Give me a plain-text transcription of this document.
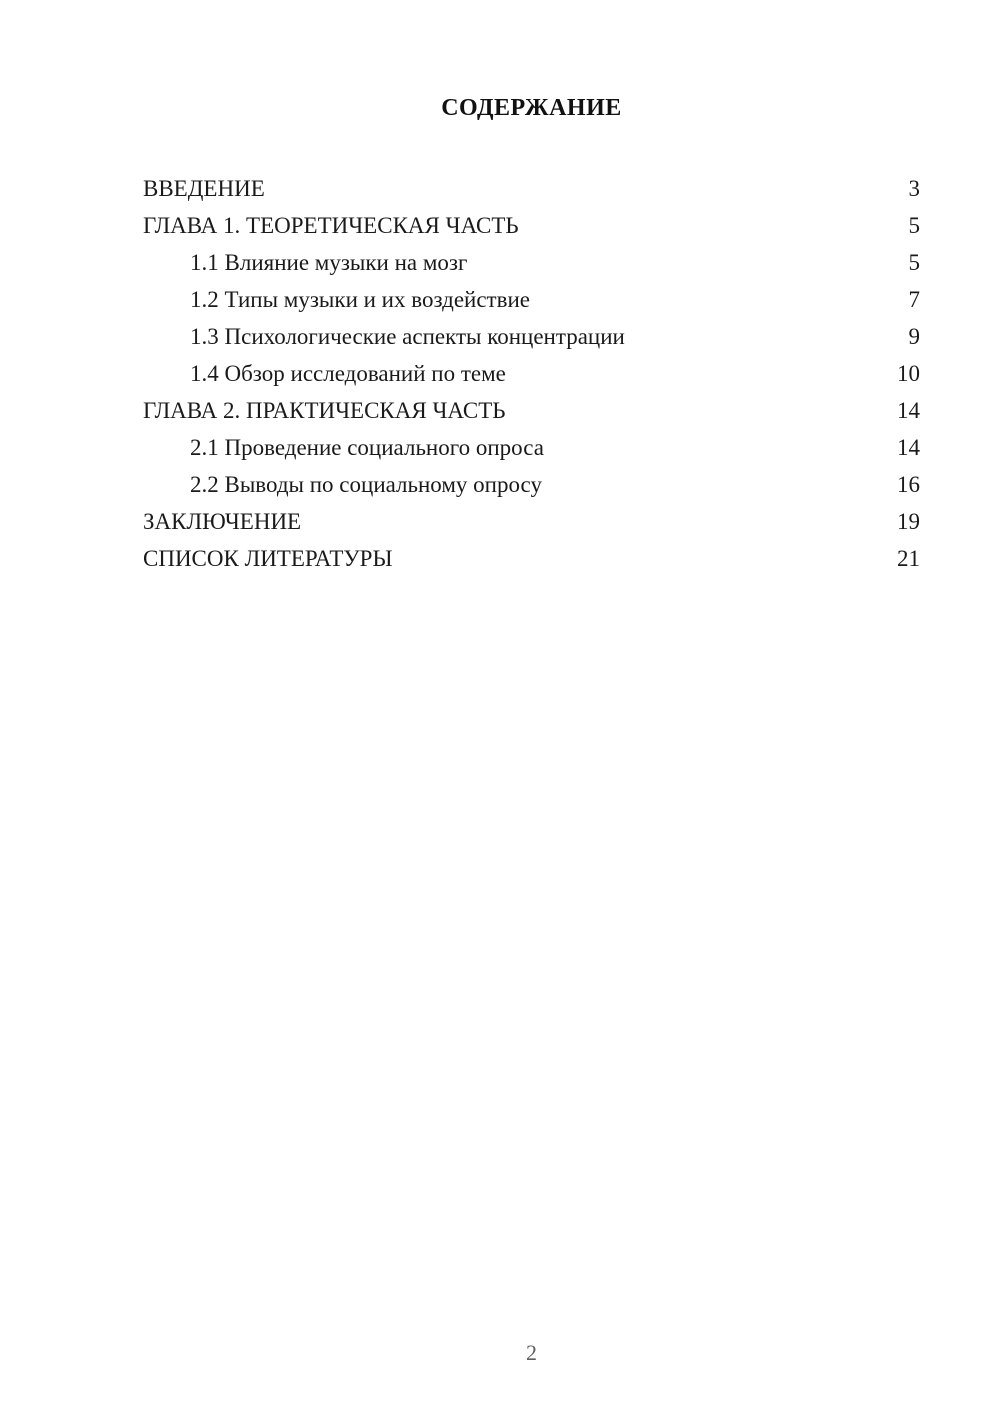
СОДЕРЖАНИЕ
ВВЕДЕНИЕ	3
ГЛАВА 1. ТЕОРЕТИЧЕСКАЯ ЧАСТЬ	5
1.1 Влияние музыки на мозг	5
1.2 Типы музыки и их воздействие	7
1.3 Психологические аспекты концентрации	9
1.4 Обзор исследований по теме	10
ГЛАВА 2. ПРАКТИЧЕСКАЯ ЧАСТЬ	14
2.1 Проведение социального опроса	14
2.2 Выводы по социальному опросу	16
ЗАКЛЮЧЕНИЕ	19
СПИСОК ЛИТЕРАТУРЫ	21
2
